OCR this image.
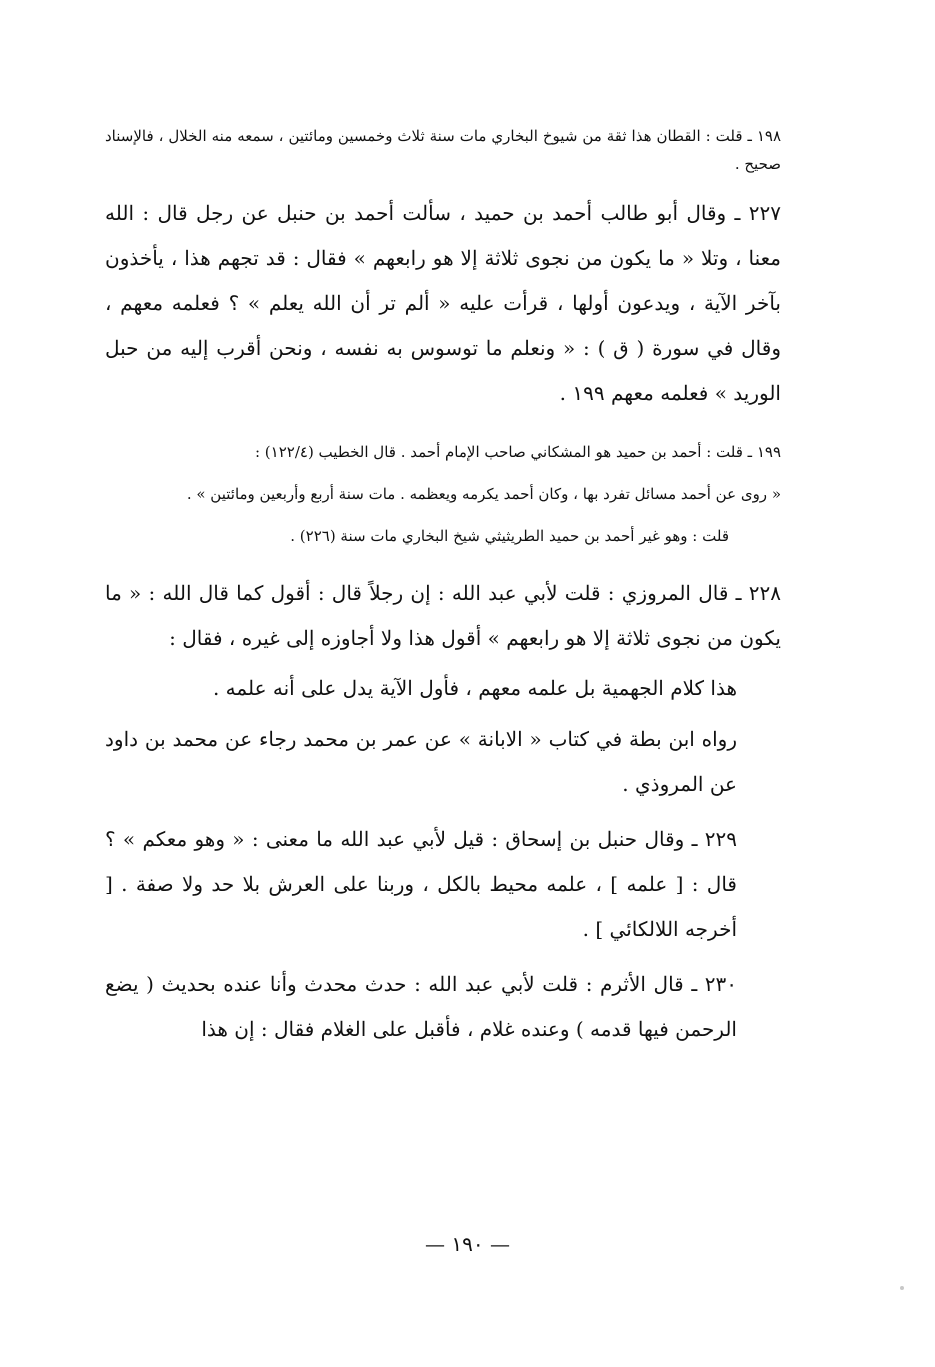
١٩٨ ـ قلت : القطان هذا ثقة من شيوخ البخاري مات سنة ثلاث وخمسين ومائتين ، سمعه منه الخلال ، فالإسناد صحيح .

٢٢٧ ـ وقال أبو طالب أحمد بن حميد ، سألت أحمد بن حنبل عن رجل قال : الله معنا ، وتلا « ما يكون من نجوى ثلاثة إلا هو رابعهم » فقال : قد تجهم هذا ، يأخذون بآخر الآية ، ويدعون أولها ، قرأت عليه « ألم تر أن الله يعلم » ؟ فعلمه معهم ، وقال في سورة ( ق ) : « ونعلم ما توسوس به نفسه ، ونحن أقرب إليه من حبل الوريد » فعلمه معهم ١٩٩ .

١٩٩ ـ قلت : أحمد بن حميد هو المشكاني صاحب الإمام أحمد . قال الخطيب (١٢٢/٤) :

« روى عن أحمد مسائل تفرد بها ، وكان أحمد يكرمه ويعظمه . مات سنة أربع وأربعين ومائتين » .

قلت : وهو غير أحمد بن حميد الطريثيثي شيخ البخاري مات سنة (٢٢٦) .

٢٢٨ ـ قال المروزي : قلت لأبي عبد الله : إن رجلاً قال : أقول كما قال الله : « ما يكون من نجوى ثلاثة إلا هو رابعهم » أقول هذا ولا أجاوزه إلى غيره ، فقال :

هذا كلام الجهمية بل علمه معهم ، فأول الآية يدل على أنه علمه .

رواه ابن بطة في كتاب « الابانة » عن عمر بن محمد رجاء عن محمد بن داود عن المروذي .

٢٢٩ ـ وقال حنبل بن إسحاق : قيل لأبي عبد الله ما معنى : « وهو معكم » ؟ قال : [ علمه ] ، علمه محيط بالكل ، وربنا على العرش بلا حد ولا صفة . [ أخرجه اللالكائي ] .

٢٣٠ ـ قال الأثرم : قلت لأبي عبد الله : حدث محدث وأنا عنده بحديث ( يضع الرحمن فيها قدمه ) وعنده غلام ، فأقبل على الغلام فقال : إن هذا

— ١٩٠ —
